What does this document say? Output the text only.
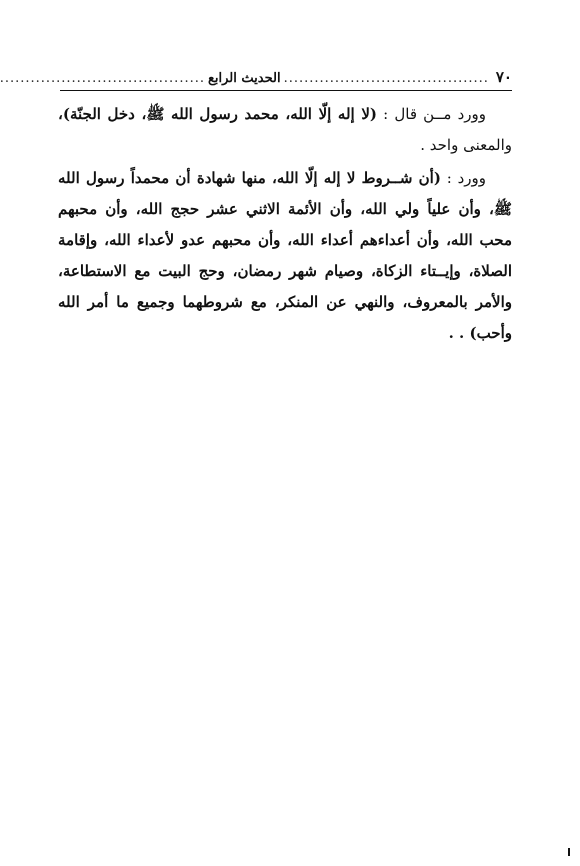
٧٠
........................................
الحديث الرابع
........................................

وورد مــن قال : (لا إله إلّا الله، محمد رسول الله ﷺ، دخل الجنّة)، والمعنى واحد .

وورد : (أن شــروط لا إله إلّا الله، منها شهادة أن محمداً رسول الله ﷺ، وأن علياً ولي الله، وأن الأئمة الاثني عشر حجج الله، وأن محبهم محب الله، وأن أعداءهم أعداء الله، وأن محبهم عدو لأعداء الله، وإقامة الصلاة، وإيــتاء الزكاة، وصيام شهر رمضان، وحج البيت مع الاستطاعة، والأمر بالمعروف، والنهي عن المنكر، مع شروطهما وجميع ما أمر الله وأحب) . .
